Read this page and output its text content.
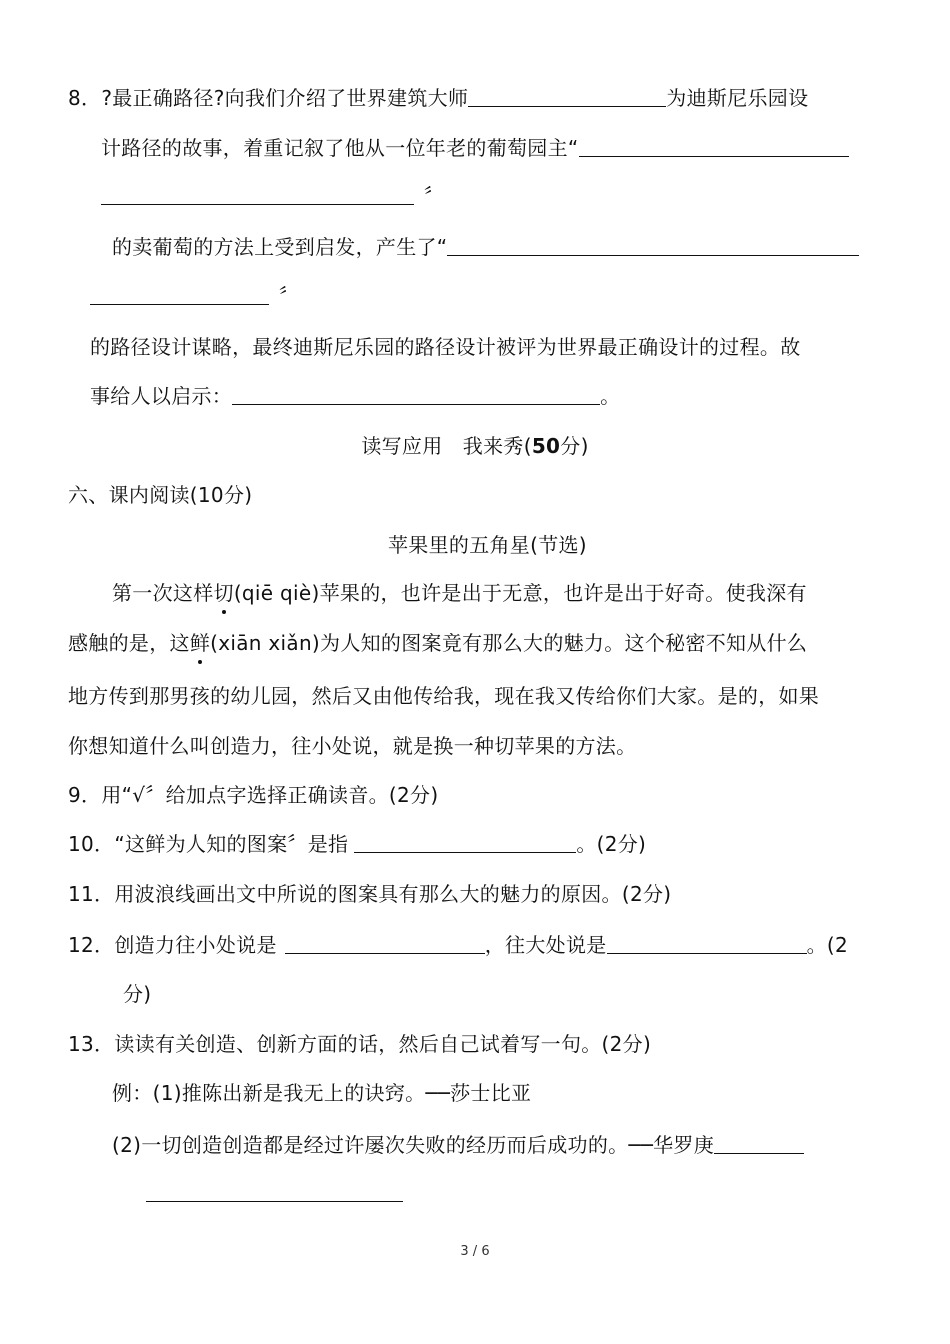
8．?最正确路径?向我们介绍了世界建筑大师	为迪斯尼乐园设
计路径的故事，着重记叙了他从一位年老的葡萄园主“
〞
的卖葡萄的方法上受到启发，产生了“
〞
的路径设计谋略，最终迪斯尼乐园的路径设计被评为世界最正确设计的过程。故
事给人以启示：	。
读写应用　我来秀(50分)
六、课内阅读(10分)
苹果里的五角星(节选)
第一次这样切(qiē qiè)苹果的，也许是出于无意，也许是出于好奇。使我深有
感触的是，这鲜(xiān xiǎn)为人知的图案竟有那么大的魅力。这个秘密不知从什么
地方传到那男孩的幼儿园，然后又由他传给我，现在我又传给你们大家。是的，如果
你想知道什么叫创造力，往小处说，就是换一种切苹果的方法。
9．用“√〞给加点字选择正确读音。(2分)
10．“这鲜为人知的图案〞是指	。(2分)
11．用波浪线画出文中所说的图案具有那么大的魅力的原因。(2分)
12．创造力往小处说是	，往大处说是	。(2
分)
13．读读有关创造、创新方面的话，然后自己试着写一句。(2分)
例：(1)推陈出新是我无上的诀窍。──莎士比亚
(2)一切创造创造都是经过许屡次失败的经历而后成功的。──华罗庚
3 / 6
